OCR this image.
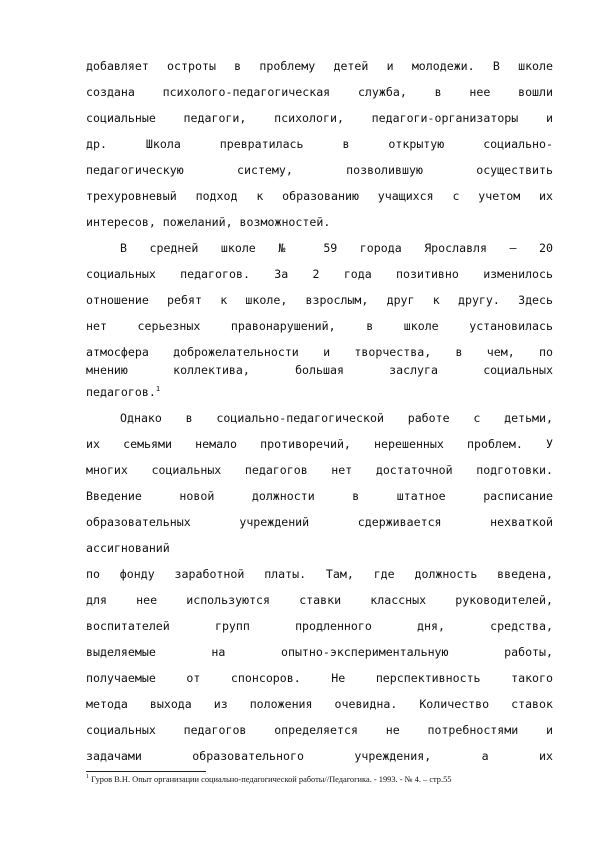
добавляет остроты в проблему детей и молодежи. В школе
создана психолого-педагогическая служба, в нее вошли
социальные педагоги, психологи, педагоги-организаторы и
др. Школа превратилась в открытую социально-
педагогическую систему, позволившую осуществить
трехуровневый подход к образованию учащихся с учетом их
интересов, пожеланий, возможностей.
В средней школе № 59 города Ярославля – 20
социальных педагогов. За 2 года позитивно изменилось
отношение ребят к школе, взрослым, друг к другу. Здесь
нет серьезных правонарушений, в школе установилась
атмосфера доброжелательности и творчества, в чем, по
мнению коллектива, большая заслуга социальных
педагогов.$^1$
Однако в социально-педагогической работе с детьми,
их семьями немало противоречий, нерешенных проблем. У
многих социальных педагогов нет достаточной подготовки.
Введение новой должности в штатное расписание
образовательных учреждений сдерживается нехваткой
ассигнований
по фонду заработной платы. Там, где должность введена,
для нее используются ставки классных руководителей,
воспитателей групп продленного дня, средства,
выделяемые на опытно-экспериментальную работы,
получаемые от спонсоров. Не перспективность такого
метода выхода из положения очевидна. Количество ставок
социальных педагогов определяется не потребностями и
задачами образовательного учреждения, а их
$^1$ Гуров В.Н. Опыт организации социально-педагогической работы//Педагогика. - 1993. - № 4. – стр.55
